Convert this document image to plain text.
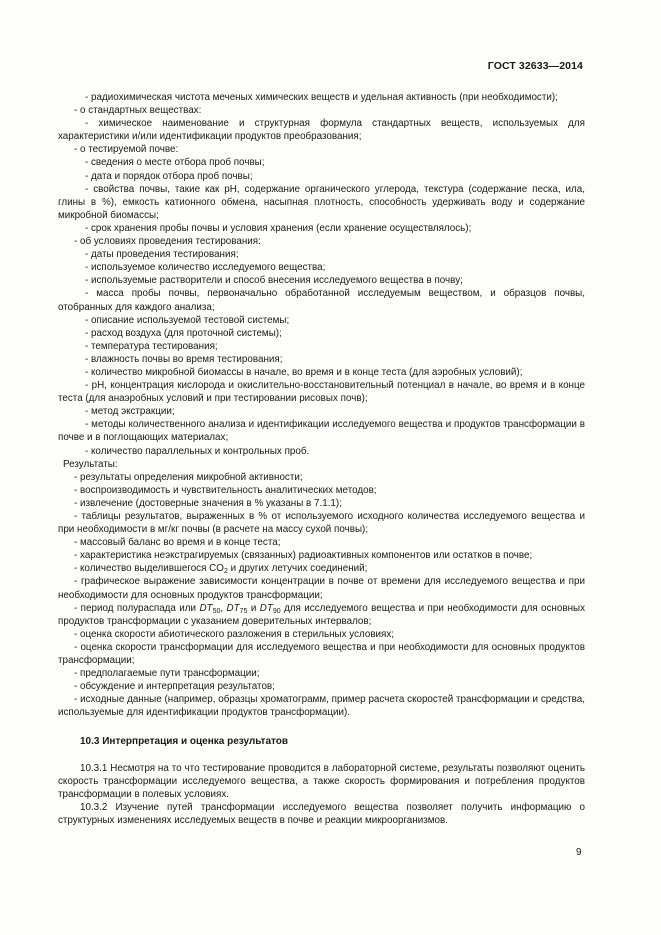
ГОСТ 32633—2014

- радиохимическая чистота меченых химических веществ и удельная активность (при необходимости);

- о стандартных веществах:

- химическое наименование и структурная формула стандартных веществ, используемых для характеристики и/или идентификации продуктов преобразования;

- о тестируемой почве:

- сведения о месте отбора проб почвы;

- дата и порядок отбора проб почвы;

- свойства почвы, такие как pH, содержание органического углерода, текстура (содержание песка, ила, глины в %), емкость катионного обмена, насыпная плотность, способность удерживать воду и содержание микробной биомассы;

- срок хранения пробы почвы и условия хранения (если хранение осуществлялось);

- об условиях проведения тестирования:

- даты проведения тестирования;

- используемое количество исследуемого вещества;

- используемые растворители и способ внесения исследуемого вещества в почву;

- масса пробы почвы, первоначально обработанной исследуемым веществом, и образцов почвы, отобранных для каждого анализа;

- описание используемой тестовой системы;

- расход воздуха (для проточной системы);

- температура тестирования;

- влажность почвы во время тестирования;

- количество микробной биомассы в начале, во время и в конце теста (для аэробных условий);

- pH, концентрация кислорода и окислительно-восстановительный потенциал в начале, во время и в конце теста (для анаэробных условий и при тестировании рисовых почв);

- метод экстракции;

- методы количественного анализа и идентификации исследуемого вещества и продуктов трансформации в почве и в поглощающих материалах;

- количество параллельных и контрольных проб.

Результаты:

- результаты определения микробной активности;

- воспроизводимость и чувствительность аналитических методов;

- извлечение (достоверные значения в % указаны в 7.1.1);

- таблицы результатов, выраженных в % от используемого исходного количества исследуемого вещества и при необходимости в мг/кг почвы (в расчете на массу сухой почвы);

- массовый баланс во время и в конце теста;

- характеристика неэкстрагируемых (связанных) радиоактивных компонентов или остатков в почве;

- количество выделившегося $CO_2$ и других летучих соединений;

- графическое выражение зависимости концентрации в почве от времени для исследуемого вещества и при необходимости для основных продуктов трансформации;

- период полураспада или $DT_{50}$, $DT_{75}$ и $DT_{90}$ для исследуемого вещества и при необходимости для основных продуктов трансформации с указанием доверительных интервалов;

- оценка скорости абиотического разложения в стерильных условиях;

- оценка скорости трансформации для исследуемого вещества и при необходимости для основных продуктов трансформации;

- предполагаемые пути трансформации;

- обсуждение и интерпретация результатов;

- исходные данные (например, образцы хроматограмм, пример расчета скоростей трансформации и средства, используемые для идентификации продуктов трансформации).

10.3 Интерпретация и оценка результатов

10.3.1 Несмотря на то что тестирование проводится в лабораторной системе, результаты позволяют оценить скорость трансформации исследуемого вещества, а также скорость формирования и потребления продуктов трансформации в полевых условиях.

10.3.2 Изучение путей трансформации исследуемого вещества позволяет получить информацию о структурных изменениях исследуемых веществ в почве и реакции микроорганизмов.

9
